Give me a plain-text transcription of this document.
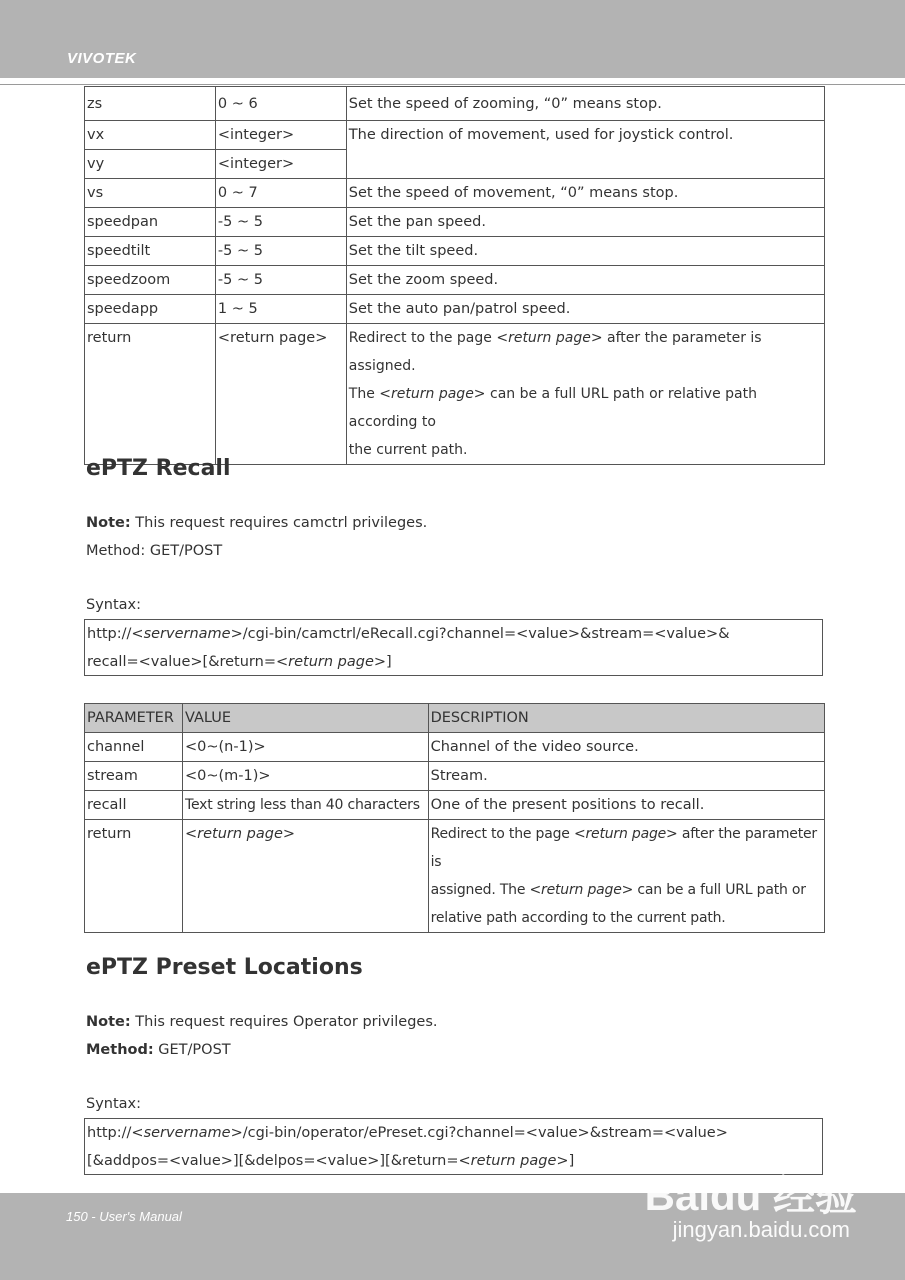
VIVOTEK
zs	0 ~ 6	Set the speed of zooming, “0” means stop.
vx	<integer>	The direction of movement, used for joystick control.
vy	<integer>	
vs	0 ~ 7	Set the speed of movement, “0” means stop.
speedpan	-5 ~ 5	Set the pan speed.
speedtilt	-5 ~ 5	Set the tilt speed.
speedzoom	-5 ~ 5	Set the zoom speed.
speedapp	1 ~ 5	Set the auto pan/patrol speed.
return	<return page>	Redirect to the page <return page> after the parameter is assigned.
The <return page> can be a full URL path or relative path according to
the current path.
ePTZ Recall
Note: This request requires camctrl privileges.
Method: GET/POST
Syntax:
http://<servername>/cgi-bin/camctrl/eRecall.cgi?channel=<value>&stream=<value>&
recall=<value>[&return=<return page>]
PARAMETER	VALUE	DESCRIPTION
channel	<0~(n-1)>	Channel of the video source.
stream	<0~(m-1)>	Stream.
recall	Text string less than 40 characters	One of the present positions to recall.
return	<return page>	Redirect to the page <return page> after the parameter is
assigned. The <return page> can be a full URL path or
relative path according to the current path.
ePTZ Preset Locations
Note: This request requires Operator privileges.
Method: GET/POST
Syntax:
http://<servername>/cgi-bin/operator/ePreset.cgi?channel=<value>&stream=<value>
[&addpos=<value>][&delpos=<value>][&return=<return page>]
150 - User's Manual	Baidu 经验
jingyan.baidu.com
